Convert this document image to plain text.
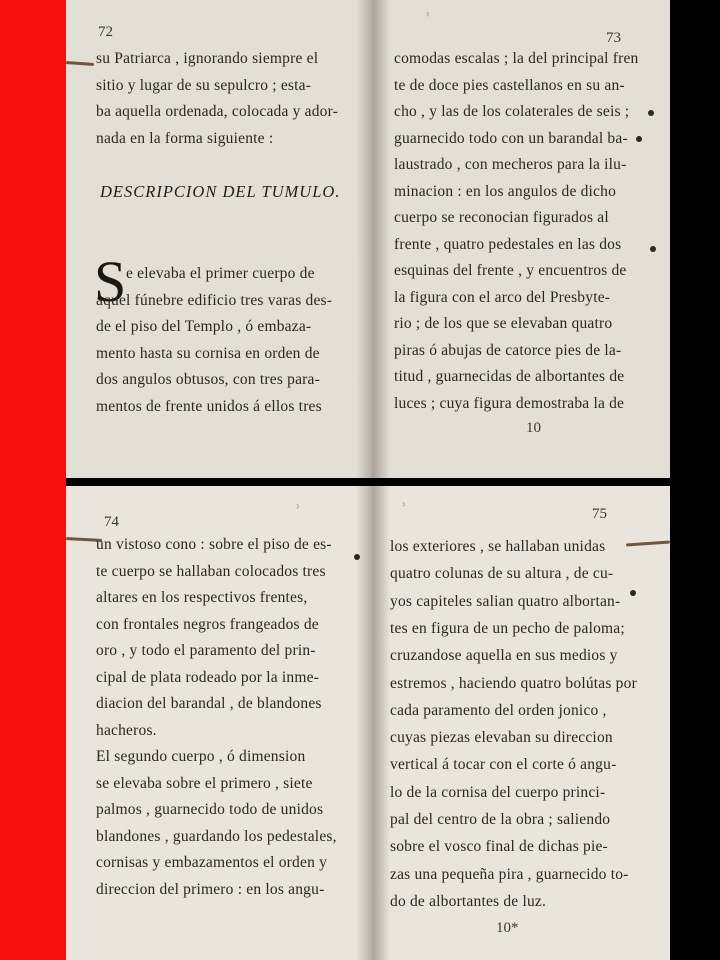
72
su Patriarca , ignorando siempre el
sitio y lugar de su sepulcro ; esta-
ba aquella ordenada, colocada y ador-
nada en la forma siguiente :
DESCRIPCION DEL TUMULO.
S e elevaba el primer cuerpo de
aquel fúnebre edificio tres varas des-
de el piso del Templo , ó embaza-
mento hasta su cornisa en orden de
dos angulos obtusos, con tres para-
mentos de frente unidos á ellos tres
ʾ
73
comodas escalas ; la del principal fren
te de doce pies castellanos en su an-
cho , y las de los colaterales de seis ;
guarnecido todo con un barandal ba-
laustrado , con mecheros para la ilu-
minacion : en los angulos de dicho
cuerpo se reconocian figurados al
frente , quatro pedestales en las dos
esquinas del frente , y encuentros de
la figura con el arco del Presbyte-
rio ; de los que se elevaban quatro
piras ó abujas de catorce pies de la-
titud , guarnecidas de albortantes de
luces ; cuya figura demostraba la de
10
74	ʾ
un vistoso cono : sobre el piso de es-
te cuerpo se hallaban colocados tres
altares en los respectivos frentes,
con frontales negros frangeados de
oro , y todo el paramento del prin-
cipal de plata rodeado por la inme-
diacion del barandal , de blandones
hacheros.
El segundo cuerpo , ó dimension
se elevaba sobre el primero , siete
palmos , guarnecido todo de unidos
blandones , guardando los pedestales,
cornisas y embazamentos el orden y
direccion del primero : en los angu-
ʾ	75
los exteriores , se hallaban unidas
quatro colunas de su altura , de cu-
yos capiteles salian quatro albortan-
tes en figura de un pecho de paloma;
cruzandose aquella en sus medios y
estremos , haciendo quatro bolútas por
cada paramento del orden jonico ,
cuyas piezas elevaban su direccion
vertical á tocar con el corte ó angu-
lo de la cornisa del cuerpo princi-
pal del centro de la obra ; saliendo
sobre el vosco final de dichas pie-
zas una pequeña pira , guarnecido to-
do de albortantes de luz.
10*
